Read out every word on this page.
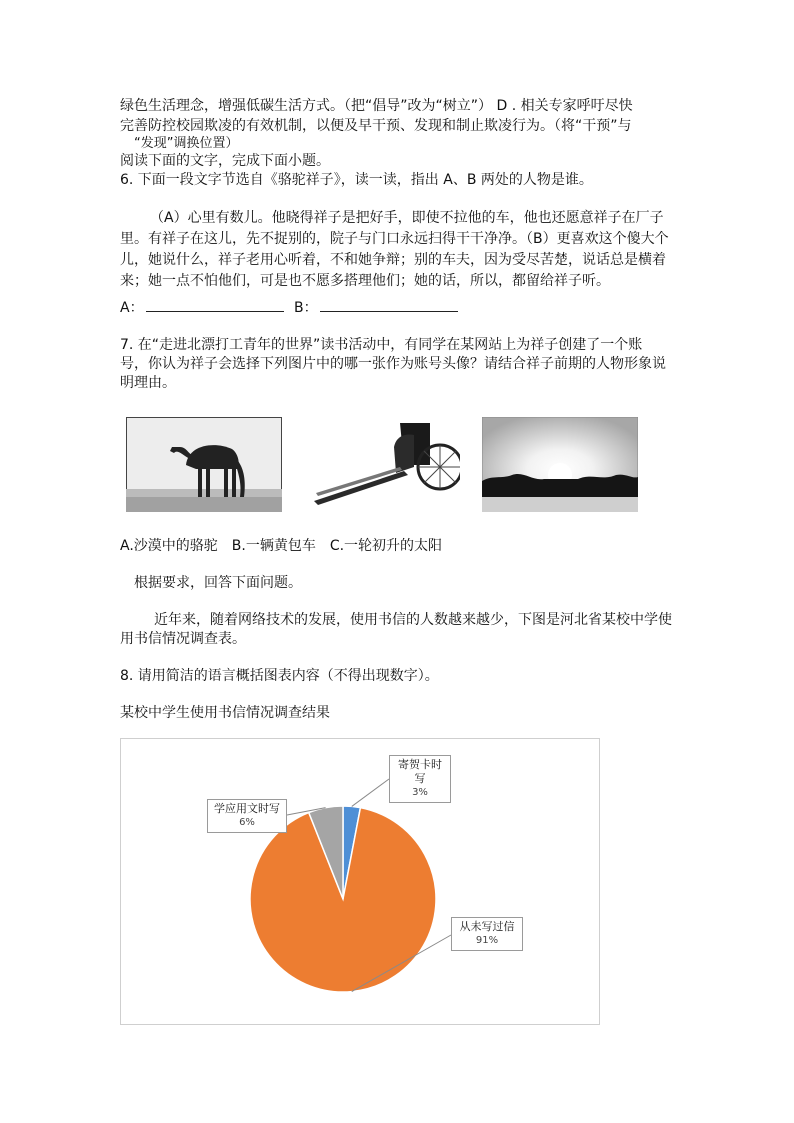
绿色生活理念，增强低碳生活方式。（把“倡导”改为“树立”） D . 相关专家呼吁尽快
完善防控校园欺凌的有效机制，以便及早干预、发现和制止欺凌行为。（将“干预”与
“发现”调换位置）
阅读下面的文字，完成下面小题。
6. 下面一段文字节选自《骆驼祥子》，读一读，指出 A、B 两处的人物是谁。
（A）心里有数儿。他晓得祥子是把好手，即使不拉他的车，他也还愿意祥子在厂子
里。有祥子在这儿，先不捉别的，院子与门口永远扫得干干净净。（B）更喜欢这个傻大个
儿，她说什么，祥子老用心听着，不和她争辩；别的车夫，因为受尽苦楚，说话总是横着
来；她一点不怕他们，可是也不愿多搭理他们；她的话，所以，都留给祥子听。
A：	B：
7. 在“走进北漂打工青年的世界”读书活动中，有同学在某网站上为祥子创建了一个账
号，你认为祥子会选择下列图片中的哪一张作为账号头像？请结合祥子前期的人物形象说
明理由。
A.沙漠中的骆驼　B.一辆黄包车　C.一轮初升的太阳
根据要求，回答下面问题。
近年来，随着网络技术的发展，使用书信的人数越来越少，下图是河北省某校中学使
用书信情况调查表。
8. 请用简洁的语言概括图表内容（不得出现数字）。
某校中学生使用书信情况调查结果
寄贺卡时写
3%
学应用文时写
6%
从未写过信
91%
